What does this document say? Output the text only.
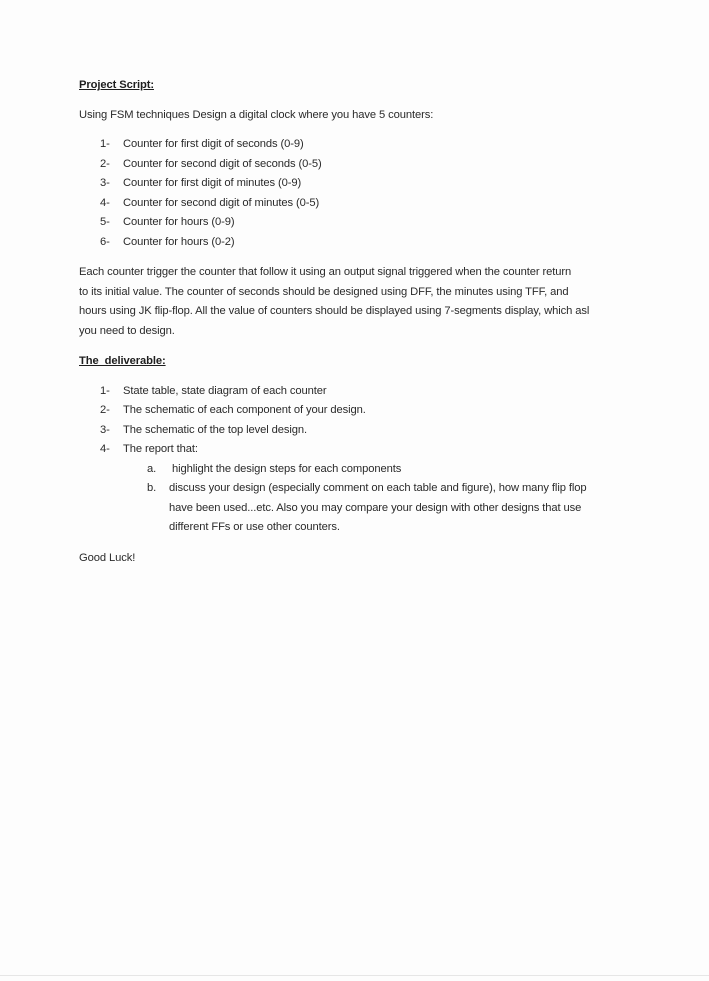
Project Script:

Using FSM techniques Design a digital clock where you have 5 counters:

1- Counter for first digit of seconds (0-9)
2- Counter for second digit of seconds (0-5)
3- Counter for first digit of minutes (0-9)
4- Counter for second digit of minutes (0-5)
5- Counter for hours (0-9)
6- Counter for hours (0-2)
Each counter trigger the counter that follow it using an output signal triggered when the counter return
to its initial value. The counter of seconds should be designed using DFF, the minutes using TFF, and
hours using JK flip-flop. All the value of counters should be displayed using 7-segments display, which asl
you need to design.

The  deliverable:

1- State table, state diagram of each counter
2- The schematic of each component of your design.
3- The schematic of the top level design.
4- The report that:
a. highlight the design steps for each components
b. discuss your design (especially comment on each table and figure), how many flip flop
have been used...etc. Also you may compare your design with other designs that use
different FFs or use other counters.

Good Luck!
